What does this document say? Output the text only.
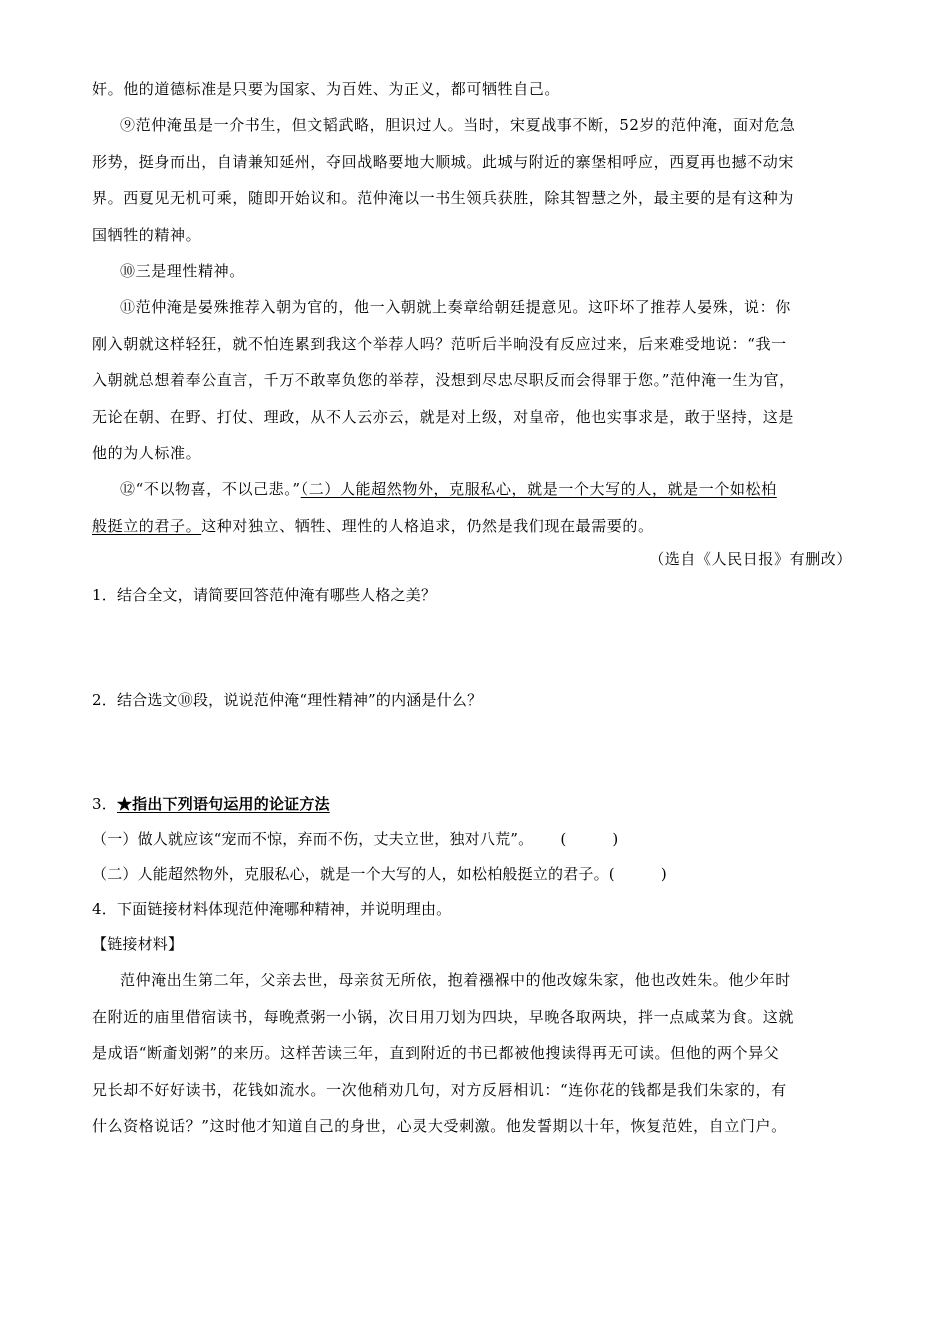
奸。他的道德标准是只要为国家、为百姓、为正义，都可牺牲自己。
⑨范仲淹虽是一介书生，但文韬武略，胆识过人。当时，宋夏战事不断，52岁的范仲淹，面对危急
形势，挺身而出，自请兼知延州，夺回战略要地大顺城。此城与附近的寨堡相呼应，西夏再也撼不动宋
界。西夏见无机可乘，随即开始议和。范仲淹以一书生领兵获胜，除其智慧之外，最主要的是有这种为
国牺牲的精神。
⑩三是理性精神。
⑪范仲淹是晏殊推荐入朝为官的，他一入朝就上奏章给朝廷提意见。这吓坏了推荐人晏殊，说：你
刚入朝就这样轻狂，就不怕连累到我这个举荐人吗？范听后半晌没有反应过来，后来难受地说：“我一
入朝就总想着奉公直言，千万不敢辜负您的举荐，没想到尽忠尽职反而会得罪于您。”范仲淹一生为官，
无论在朝、在野、打仗、理政，从不人云亦云，就是对上级，对皇帝，他也实事求是，敢于坚持，这是
他的为人标准。
⑫“不以物喜，不以己悲。”（二）人能超然物外，克服私心，就是一个大写的人，就是一个如松柏
般挺立的君子。这种对独立、牺牲、理性的人格追求，仍然是我们现在最需要的。
（选自《人民日报》有删改）
1．结合全文，请简要回答范仲淹有哪些人格之美？
2．结合选文⑩段，说说范仲淹“理性精神”的内涵是什么？
3．★指出下列语句运用的论证方法
（一）做人就应该“宠而不惊，弃而不伤，丈夫立世，独对八荒”。 (	)
（二）人能超然物外，克服私心，就是一个大写的人，如松柏般挺立的君子。(	)
4．下面链接材料体现范仲淹哪种精神，并说明理由。
【链接材料】
范仲淹出生第二年，父亲去世，母亲贫无所依，抱着襁褓中的他改嫁朱家，他也改姓朱。他少年时
在附近的庙里借宿读书，每晚煮粥一小锅，次日用刀划为四块，早晚各取两块，拌一点咸菜为食。这就
是成语“断齑划粥”的来历。这样苦读三年，直到附近的书已都被他搜读得再无可读。但他的两个异父
兄长却不好好读书，花钱如流水。一次他稍劝几句，对方反唇相讥：“连你花的钱都是我们朱家的，有
什么资格说话？”这时他才知道自己的身世，心灵大受刺激。他发誓期以十年，恢复范姓，自立门户。
